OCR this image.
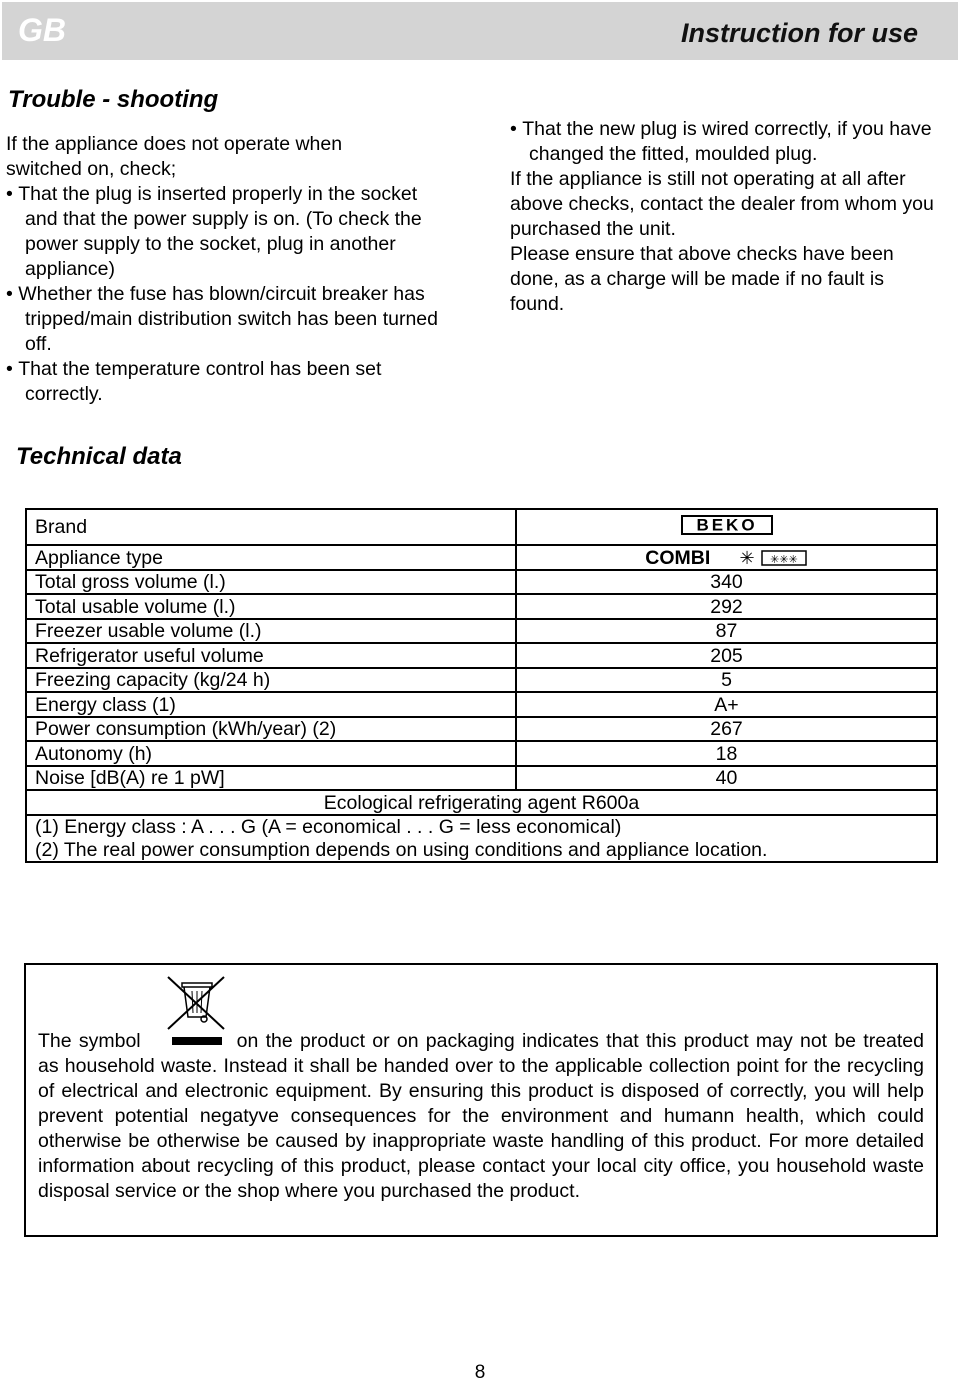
GB	Instruction for use
Trouble - shooting

If the appliance does not operate when switched on, check;

• That the plug is inserted properly in the socket and that the power supply is on. (To check the power supply to the socket, plug in another appliance)

• Whether the fuse has blown/circuit breaker has tripped/main distribution switch has been turned off.

• That the temperature control has been set correctly.

• That the new plug is wired correctly, if you have changed the fitted, moulded plug.

If the appliance is still not operating at all after above checks, contact the dealer from whom you purchased the unit.

Please ensure that above checks have been done, as a charge will be made if no fault is found.

Technical data
Brand	BEKO

Appliance type	COMBI ✳ ✳✳✳

Total gross volume (l.)	340
Total usable volume (l.)	292
Freezer usable volume (l.)	87
Refrigerator useful volume	205
Freezing capacity (kg/24 h)	5
Energy class (1)	A+
Power consumption (kWh/year) (2)	267
Autonomy (h)	18
Noise [dB(A) re 1 pW]	40
Ecological refrigerating agent R600a	
(1) Energy class : A . . . G (A = economical . . . G = less economical)	
(2) The real power consumption depends on using conditions and appliance location.	
The symbol	on the product or on packaging indicates that this product may not be treated as household waste. Instead it shall be handed over to the applicable collection point for the recycling of electrical and electronic equipment. By ensuring this product is disposed of correctly, you will help prevent potential negatyve consequences for the environment and humann health, which could otherwise be otherwise be caused by inappropriate waste handling of this product. For more detailed information about recycling of this product, please contact your local city office, you household waste disposal service or the shop where you purchased the product.
8
